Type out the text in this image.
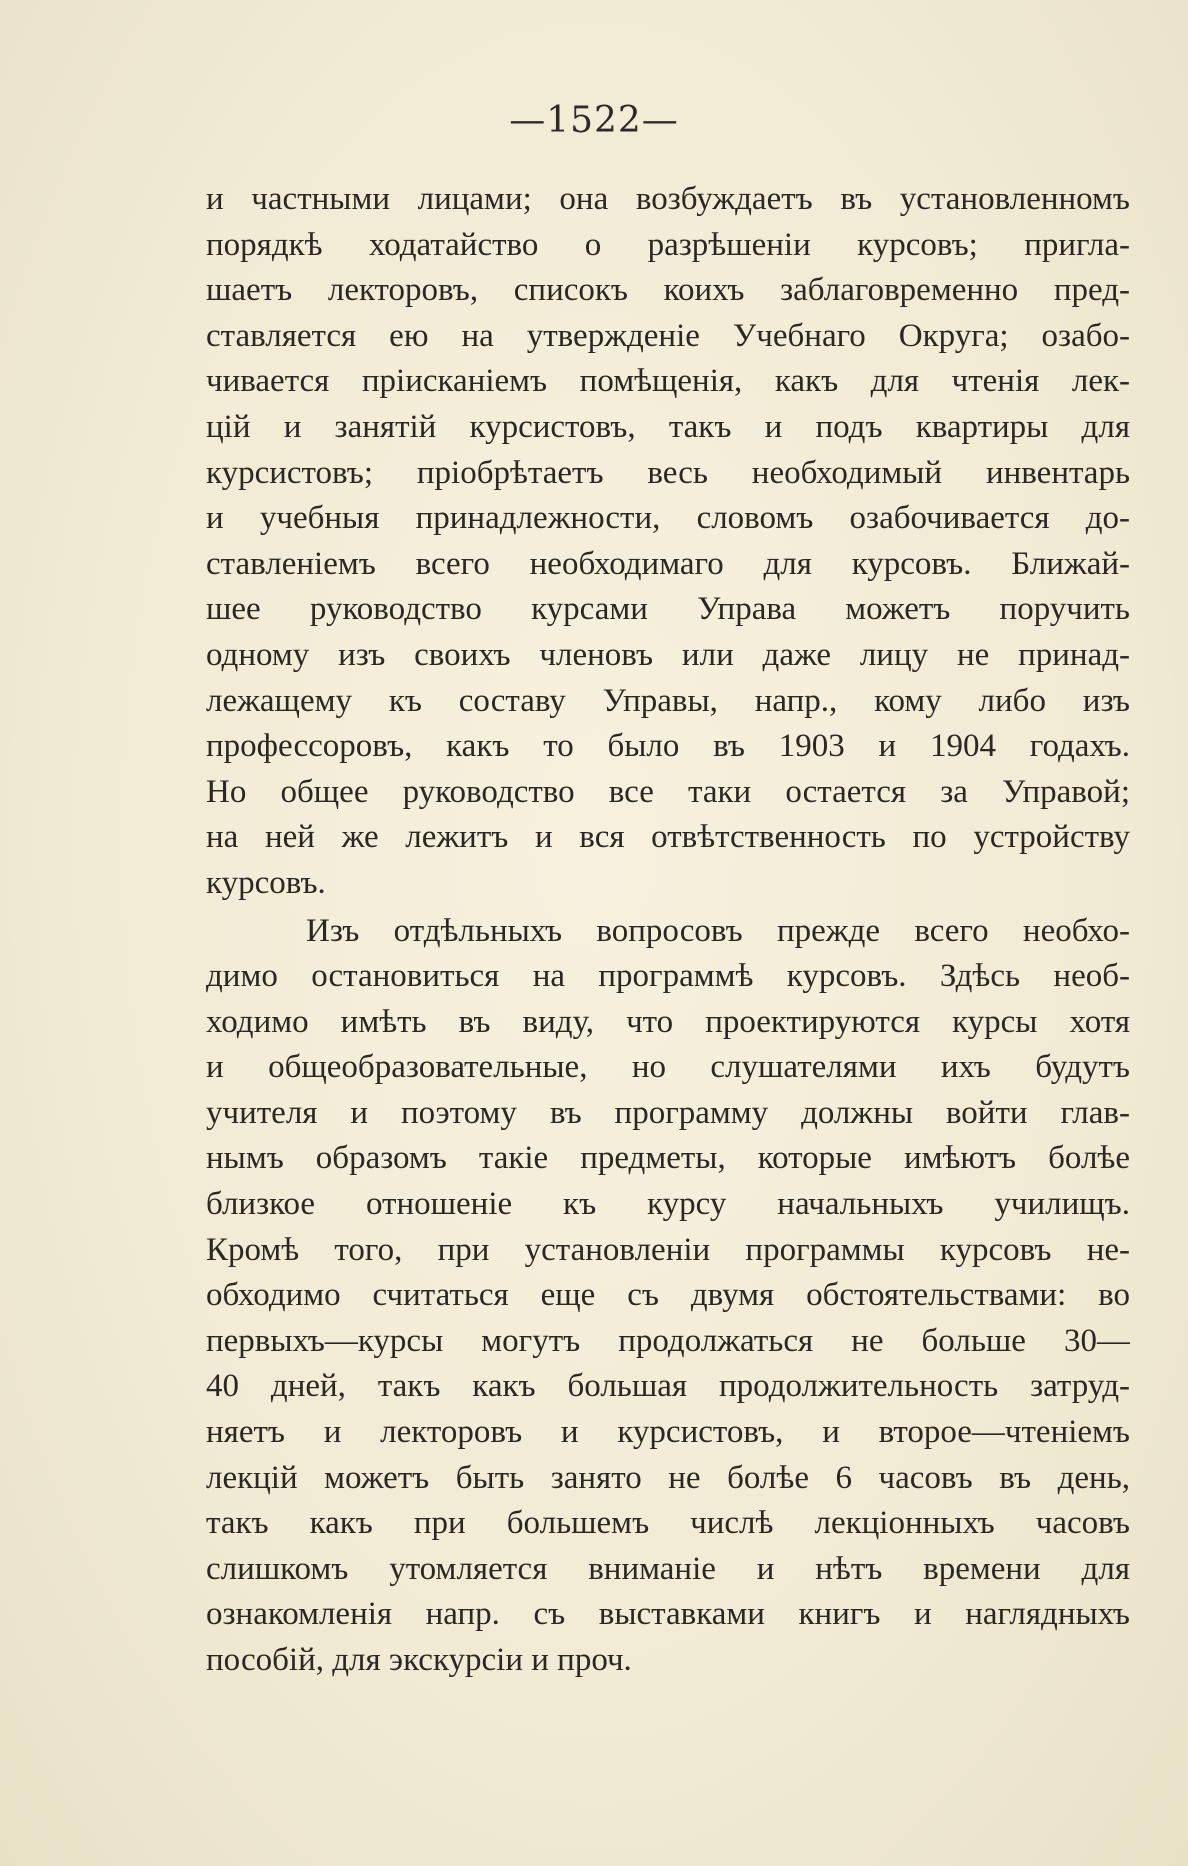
—1522—
и частными лицами; она возбуждаетъ въ установленномъ
порядкѣ ходатайство о разрѣшеніи курсовъ; пригла-
шаетъ лекторовъ, списокъ коихъ заблаговременно пред-
ставляется ею на утвержденіе Учебнаго Округа; озабо-
чивается пріисканіемъ помѣщенія, какъ для чтенія лек-
цій и занятій курсистовъ, такъ и подъ квартиры для
курсистовъ; пріобрѣтаетъ весь необходимый инвентарь
и учебныя принадлежности, словомъ озабочивается до-
ставленіемъ всего необходимаго для курсовъ. Ближай-
шее руководство курсами Управа можетъ поручить
одному изъ своихъ членовъ или даже лицу не принад-
лежащему къ составу Управы, напр., кому либо изъ
профессоровъ, какъ то было въ 1903 и 1904 годахъ.
Но общее руководство все таки остается за Управой;
на ней же лежитъ и вся отвѣтственность по устройству
курсовъ.
Изъ отдѣльныхъ вопросовъ прежде всего необхо-
димо остановиться на программѣ курсовъ. Здѣсь необ-
ходимо имѣть въ виду, что проектируются курсы хотя
и общеобразовательные, но слушателями ихъ будутъ
учителя и поэтому въ программу должны войти глав-
нымъ образомъ такіе предметы, которые имѣютъ болѣе
близкое отношеніе къ курсу начальныхъ училищъ.
Кромѣ того, при установленіи программы курсовъ не-
обходимо считаться еще съ двумя обстоятельствами: во
первыхъ—курсы могутъ продолжаться не больше 30—
40 дней, такъ какъ большая продолжительность затруд-
няетъ и лекторовъ и курсистовъ, и второе—чтеніемъ
лекцій можетъ быть занято не болѣе 6 часовъ въ день,
такъ какъ при большемъ числѣ лекціонныхъ часовъ
слишкомъ утомляется вниманіе и нѣтъ времени для
ознакомленія напр. съ выставками книгъ и наглядныхъ
пособій, для экскурсіи и проч.
